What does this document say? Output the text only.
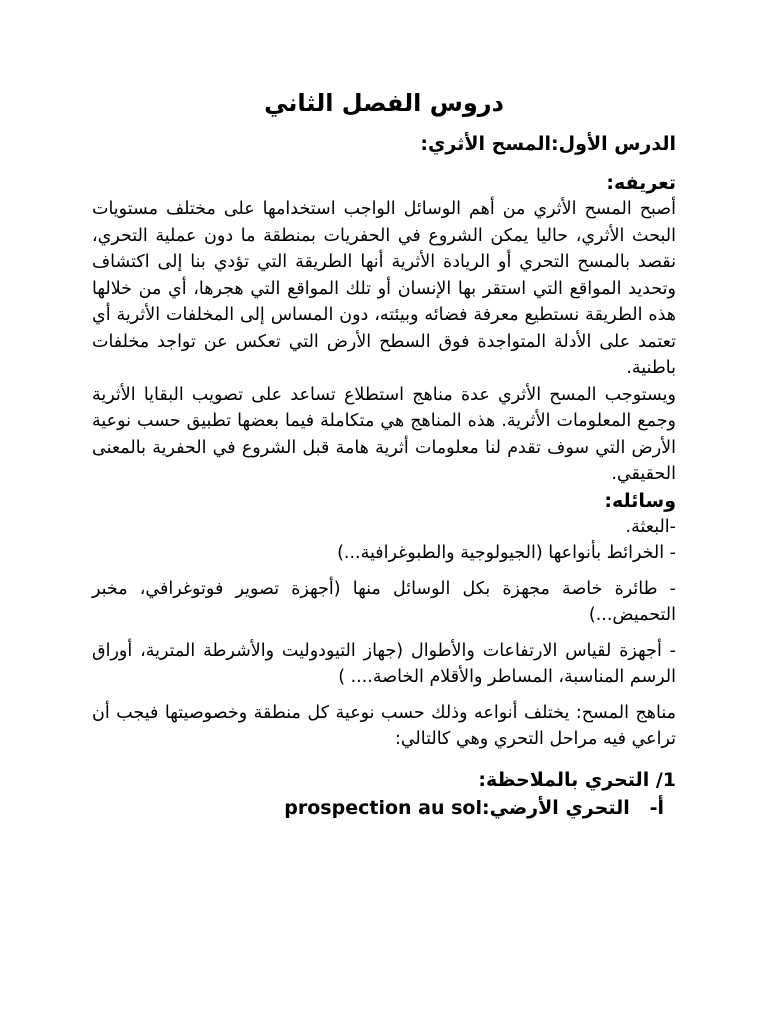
دروس الفصل الثاني
الدرس الأول:المسح الأثري:
تعريفه:

أصبح المسح الأثري من أهم الوسائل الواجب استخدامها على مختلف مستويات البحث الأثري، حاليا يمكن الشروع في الحفريات بمنطقة ما دون عملية التحري، نقصد بالمسح التحري أو الريادة الأثرية أنها الطريقة التي تؤدي بنا إلى اكتشاف وتحديد المواقع التي استقر بها الإنسان أو تلك المواقع التي هجرها، أي من خلالها هذه الطريقة نستطيع معرفة فضائه وبيئته، دون المساس إلى المخلفات الأثرية أي تعتمد على الأدلة المتواجدة فوق السطح الأرض التي تعكس عن تواجد مخلفات باطنية.

ويستوجب المسح الأثري عدة مناهج استطلاع تساعد على تصويب البقايا الأثرية وجمع المعلومات الأثرية. هذه المناهج هي متكاملة فيما بعضها تطبيق حسب نوعية الأرض التي سوف تقدم لنا معلومات أثرية هامة قبل الشروع في الحفرية بالمعنى الحقيقي.

وسائله:
-البعثة.
- الخرائط بأنواعها (الجيولوجية والطبوغرافية...)
- طائرة خاصة مجهزة بكل الوسائل منها (أجهزة تصوير فوتوغرافي، مخبر التحميض...)
- أجهزة لقياس الارتفاعات والأطوال (جهاز التيودوليت والأشرطة المترية، أوراق الرسم المناسبة، المساطر والأقلام الخاصة.... )

مناهج المسح: يختلف أنواعه وذلك حسب نوعية كل منطقة وخصوصيتها فيجب أن تراعي فيه مراحل التحري وهي كالتالي:

1/ التحري بالملاحظة:

أ-   التحري الأرضي:prospection au sol
